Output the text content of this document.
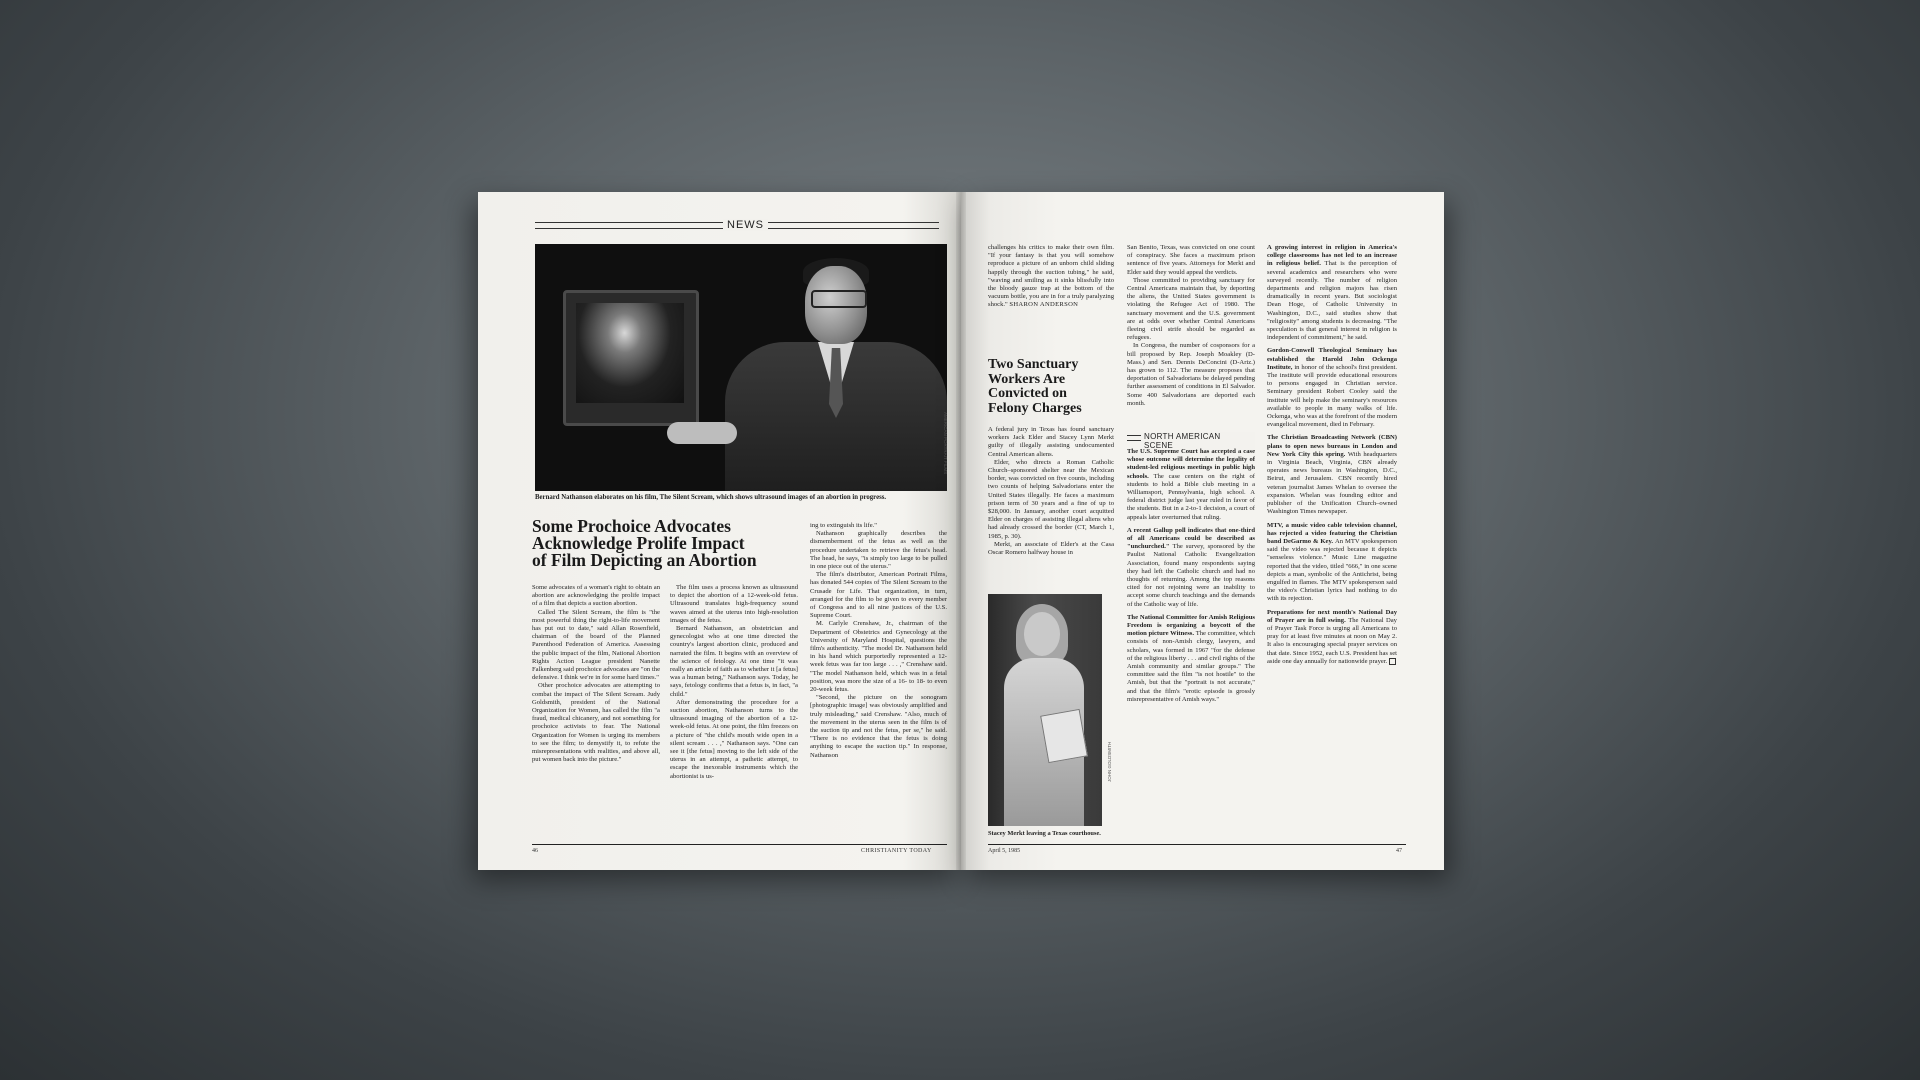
NEWS
AMERICAN PORTRAIT FILMS
Bernard Nathanson elaborates on his film, The Silent Scream, which shows ultrasound images of an abortion in progress.
Some Prochoice Advocates
Acknowledge Prolife Impact
of Film Depicting an Abortion

Some advocates of a woman's right to obtain an abortion are acknowledging the prolife impact of a film that depicts a suction abortion.

Called The Silent Scream, the film is "the most powerful thing the right-to-life movement has put out to date," said Allan Rosenfield, chairman of the board of the Planned Parenthood Federation of America. Assessing the public impact of the film, National Abortion Rights Action League president Nanette Falkenberg said prochoice advocates are "on the defensive. I think we're in for some hard times."

Other prochoice advocates are attempting to combat the impact of The Silent Scream. Judy Goldsmith, president of the National Organization for Women, has called the film "a fraud, medical chicanery, and not something for prochoice activists to fear. The National Organization for Women is urging its members to see the film; to demystify it, to refute the misrepresentations with realities, and above all, put women back into the picture."

The film uses a process known as ultrasound to depict the abortion of a 12-week-old fetus. Ultrasound translates high-frequency sound waves aimed at the uterus into high-resolution images of the fetus.

Bernard Nathanson, an obstetrician and gynecologist who at one time directed the country's largest abortion clinic, produced and narrated the film. It begins with an overview of the science of fetology. At one time "it was really an article of faith as to whether it [a fetus] was a human being," Nathanson says. Today, he says, fetology confirms that a fetus is, in fact, "a child."

After demonstrating the procedure for a suction abortion, Nathanson turns to the ultrasound imaging of the abortion of a 12-week-old fetus. At one point, the film freezes on a picture of "the child's mouth wide open in a silent scream . . . ," Nathanson says. "One can see it [the fetus] moving to the left side of the uterus in an attempt, a pathetic attempt, to escape the inexorable instruments which the abortionist is us-

ing to extinguish its life."

Nathanson graphically describes the dismemberment of the fetus as well as the procedure undertaken to retrieve the fetus's head. The head, he says, "is simply too large to be pulled in one piece out of the uterus."

The film's distributor, American Portrait Films, has donated 544 copies of The Silent Scream to the Crusade for Life. That organization, in turn, arranged for the film to be given to every member of Congress and to all nine justices of the U.S. Supreme Court.

M. Carlyle Crenshaw, Jr., chairman of the Department of Obstetrics and Gynecology at the University of Maryland Hospital, questions the film's authenticity. "The model Dr. Nathanson held in his hand which purportedly represented a 12-week fetus was far too large . . . ," Crenshaw said. "The model Nathanson held, which was in a fetal position, was more the size of a 16- to 18- to even 20-week fetus.

"Second, the picture on the sonogram [photographic image] was obviously amplified and truly misleading," said Crenshaw. "Also, much of the movement in the uterus seen in the film is of the suction tip and not the fetus, per se," he said. "There is no evidence that the fetus is doing anything to escape the suction tip." In response, Nathanson

46	CHRISTIANITY TODAY

challenges his critics to make their own film. "If your fantasy is that you will somehow reproduce a picture of an unborn child sliding happily through the suction tubing," he said, "waving and smiling as it sinks blissfully into the bloody gauze trap at the bottom of the vacuum bottle, you are in for a truly paralyzing shock." SHARON ANDERSON

Two Sanctuary
Workers Are
Convicted on
Felony Charges

A federal jury in Texas has found sanctuary workers Jack Elder and Stacey Lynn Merkt guilty of illegally assisting undocumented Central American aliens.

Elder, who directs a Roman Catholic Church–sponsored shelter near the Mexican border, was convicted on five counts, including two counts of helping Salvadorians enter the United States illegally. He faces a maximum prison term of 30 years and a fine of up to $28,000. In January, another court acquitted Elder on charges of assisting illegal aliens who had already crossed the border (CT, March 1, 1985, p. 30).

Merkt, an associate of Elder's at the Casa Oscar Romero halfway house in

JOHN GOLDSMITH
Stacey Merkt leaving a Texas courthouse.

San Benito, Texas, was convicted on one count of conspiracy. She faces a maximum prison sentence of five years. Attorneys for Merkt and Elder said they would appeal the verdicts.

Those committed to providing sanctuary for Central Americans maintain that, by deporting the aliens, the United States government is violating the Refugee Act of 1980. The sanctuary movement and the U.S. government are at odds over whether Central Americans fleeing civil strife should be regarded as refugees.

In Congress, the number of cosponsors for a bill proposed by Rep. Joseph Moakley (D-Mass.) and Sen. Dennis DeConcini (D-Ariz.) has grown to 112. The measure proposes that deportation of Salvadorians be delayed pending further assessment of conditions in El Salvador. Some 400 Salvadorians are deported each month.

NORTH AMERICAN SCENE

The U.S. Supreme Court has accepted a case whose outcome will determine the legality of student-led religious meetings in public high schools. The case centers on the right of students to hold a Bible club meeting in a Williamsport, Pennsylvania, high school. A federal district judge last year ruled in favor of the students. But in a 2-to-1 decision, a court of appeals later overturned that ruling.

A recent Gallup poll indicates that one-third of all Americans could be described as "unchurched." The survey, sponsored by the Paulist National Catholic Evangelization Association, found many respondents saying they had left the Catholic church and had no thoughts of returning. Among the top reasons cited for not rejoining were an inability to accept some church teachings and the demands of the Catholic way of life.

The National Committee for Amish Religious Freedom is organizing a boycott of the motion picture Witness. The committee, which consists of non-Amish clergy, lawyers, and scholars, was formed in 1967 "for the defense of the religious liberty . . . and civil rights of the Amish community and similar groups." The committee said the film "is not hostile" to the Amish, but that the "portrait is not accurate," and that the film's "erotic episode is grossly misrepresentative of Amish ways."

A growing interest in religion in America's college classrooms has not led to an increase in religious belief. That is the perception of several academics and researchers who were surveyed recently. The number of religion departments and religion majors has risen dramatically in recent years. But sociologist Dean Hoge, of Catholic University in Washington, D.C., said studies show that "religiosity" among students is decreasing. "The speculation is that general interest in religion is independent of commitment," he said.

Gordon-Conwell Theological Seminary has established the Harold John Ockenga Institute, in honor of the school's first president. The institute will provide educational resources to persons engaged in Christian service. Seminary president Robert Cooley said the institute will help make the seminary's resources available to people in many walks of life. Ockenga, who was at the forefront of the modern evangelical movement, died in February.

The Christian Broadcasting Network (CBN) plans to open news bureaus in London and New York City this spring. With headquarters in Virginia Beach, Virginia, CBN already operates news bureaus in Washington, D.C., Beirut, and Jerusalem. CBN recently hired veteran journalist James Whelan to oversee the expansion. Whelan was founding editor and publisher of the Unification Church–owned Washington Times newspaper.

MTV, a music video cable television channel, has rejected a video featuring the Christian band DeGarmo & Key. An MTV spokesperson said the video was rejected because it depicts "senseless violence." Music Line magazine reported that the video, titled "666," in one scene depicts a man, symbolic of the Antichrist, being engulfed in flames. The MTV spokesperson said the video's Christian lyrics had nothing to do with its rejection.

Preparations for next month's National Day of Prayer are in full swing. The National Day of Prayer Task Force is urging all Americans to pray for at least five minutes at noon on May 2. It also is encouraging special prayer services on that date. Since 1952, each U.S. President has set aside one day annually for nationwide prayer.

April 5, 1985	47
